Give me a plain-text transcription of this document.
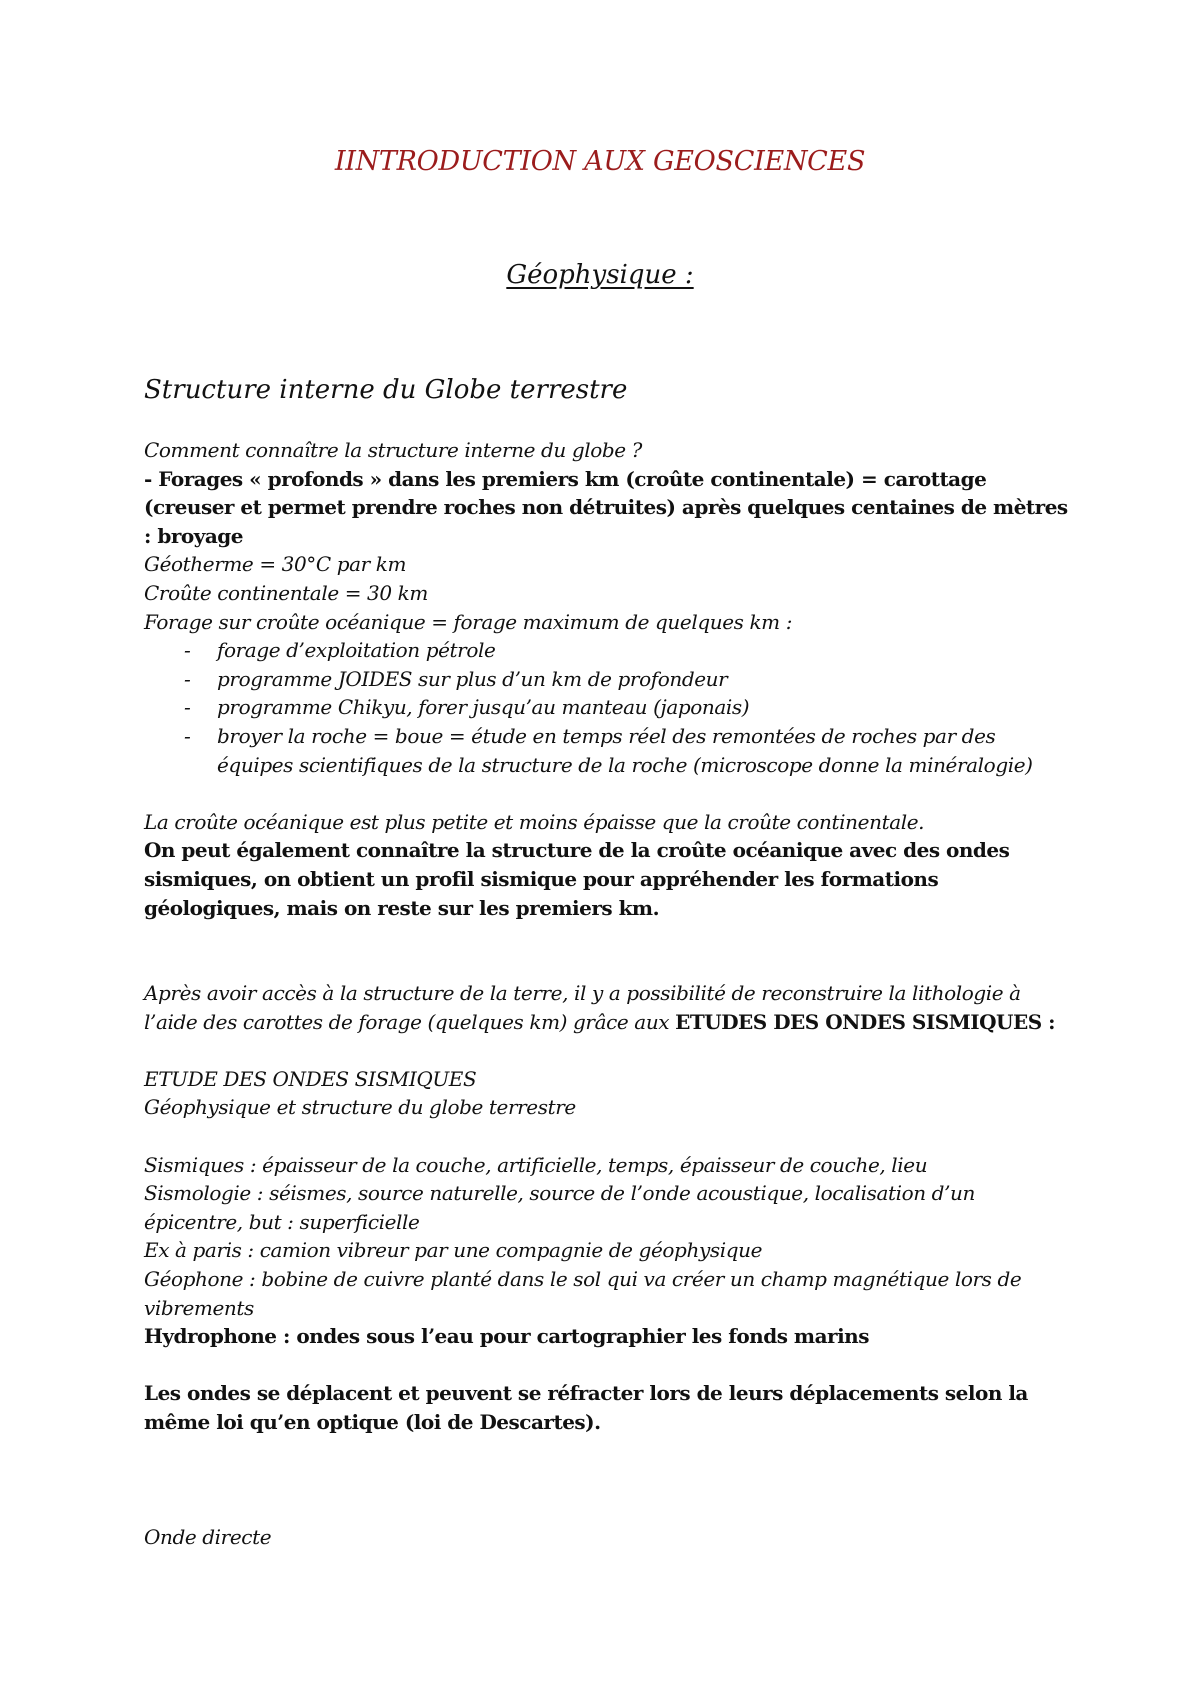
IINTRODUCTION AUX GEOSCIENCES
Géophysique :
Structure interne du Globe terrestre

Comment connaître la structure interne du globe ?

- Forages « profonds » dans les premiers km (croûte continentale) = carottage (creuser et permet prendre roches non détruites) après quelques centaines de mètres : broyage

Géotherme = 30°C par km

Croûte continentale = 30 km

Forage sur croûte océanique = forage maximum de quelques km :

- forage d’exploitation pétrole
- programme JOIDES sur plus d’un km de profondeur
- programme Chikyu, forer jusqu’au manteau (japonais)
- broyer la roche = boue = étude en temps réel des remontées de roches par des équipes scientifiques de la structure de la roche (microscope donne la minéralogie)

La croûte océanique est plus petite et moins épaisse que la croûte continentale.

On peut également connaître la structure de la croûte océanique avec des ondes sismiques, on obtient un profil sismique pour appréhender les formations géologiques, mais on reste sur les premiers km.

Après avoir accès à la structure de la terre, il y a possibilité de reconstruire la lithologie à l’aide des carottes de forage (quelques km) grâce aux ETUDES DES ONDES SISMIQUES :

ETUDE DES ONDES SISMIQUES

Géophysique et structure du globe terrestre

Sismiques : épaisseur de la couche, artificielle, temps, épaisseur de couche, lieu

Sismologie : séismes, source naturelle, source de l’onde acoustique, localisation d’un épicentre, but : superficielle

Ex à paris : camion vibreur par une compagnie de géophysique

Géophone : bobine de cuivre planté dans le sol qui va créer un champ magnétique lors de vibrements

Hydrophone : ondes sous l’eau pour cartographier les fonds marins

Les ondes se déplacent et peuvent se réfracter lors de leurs déplacements selon la même loi qu’en optique (loi de Descartes).

Onde directe
